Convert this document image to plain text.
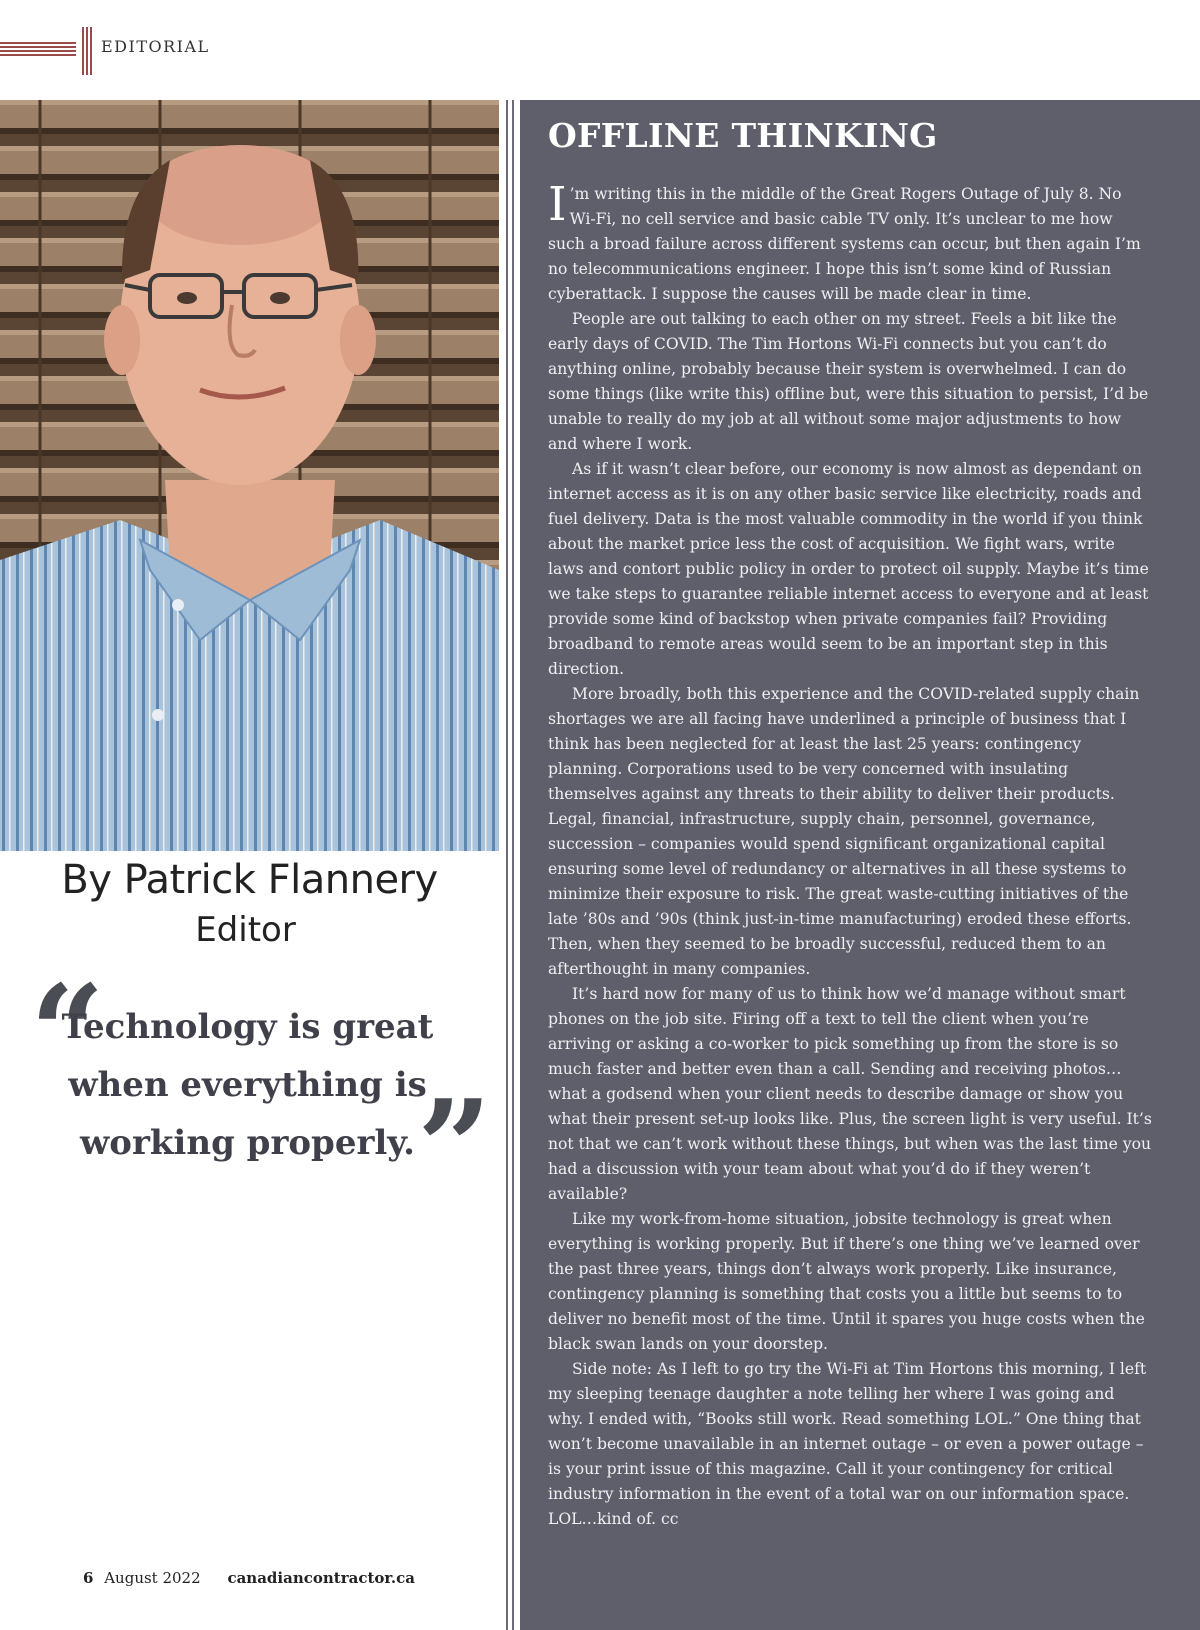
EDITORIAL
By Patrick Flannery
Editor
“
Technology is great
when everything is
working properly. ”
OFFLINE THINKING

I ’m writing this in the middle of the Great Rogers Outage of July 8. No Wi-Fi, no cell service and basic cable TV only. It’s unclear to me how such a broad failure across different systems can occur, but then again I’m no telecommunications engineer. I hope this isn’t some kind of Russian cyberattack. I suppose the causes will be made clear in time.

People are out talking to each other on my street. Feels a bit like the early days of COVID. The Tim Hortons Wi-Fi connects but you can’t do anything online, probably because their system is overwhelmed. I can do some things (like write this) offline but, were this situation to persist, I’d be unable to really do my job at all without some major adjustments to how and where I work.

As if it wasn’t clear before, our economy is now almost as dependant on internet access as it is on any other basic service like electricity, roads and fuel delivery. Data is the most valuable commodity in the world if you think about the market price less the cost of acquisition. We fight wars, write laws and contort public policy in order to protect oil supply. Maybe it’s time we take steps to guarantee reliable internet access to everyone and at least provide some kind of backstop when private companies fail? Providing broadband to remote areas would seem to be an important step in this direction.

More broadly, both this experience and the COVID-related supply chain shortages we are all facing have underlined a principle of business that I think has been neglected for at least the last 25 years: contingency planning. Corporations used to be very concerned with insulating themselves against any threats to their ability to deliver their products. Legal, financial, infrastructure, supply chain, personnel, governance, succession – companies would spend significant organizational capital ensuring some level of redundancy or alternatives in all these systems to minimize their exposure to risk. The great waste-cutting initiatives of the late ’80s and ’90s (think just-in-time manufacturing) eroded these efforts. Then, when they seemed to be broadly successful, reduced them to an afterthought in many companies.

It’s hard now for many of us to think how we’d manage without smart phones on the job site. Firing off a text to tell the client when you’re arriving or asking a co-worker to pick something up from the store is so much faster and better even than a call. Sending and receiving photos…what a godsend when your client needs to describe damage or show you what their present set-up looks like. Plus, the screen light is very useful. It’s not that we can’t work without these things, but when was the last time you had a discussion with your team about what you’d do if they weren’t available?

Like my work-from-home situation, jobsite technology is great when everything is working properly. But if there’s one thing we’ve learned over the past three years, things don’t always work properly. Like insurance, contingency planning is something that costs you a little but seems to to deliver no benefit most of the time. Until it spares you huge costs when the black swan lands on your doorstep.

Side note: As I left to go try the Wi-Fi at Tim Hortons this morning, I left my sleeping teenage daughter a note telling her where I was going and why. I ended with, “Books still work. Read something LOL.” One thing that won’t become unavailable in an internet outage – or even a power outage – is your print issue of this magazine. Call it your contingency for critical industry information in the event of a total war on our information space. LOL…kind of. cc

6 August 2022 canadiancontractor.ca
